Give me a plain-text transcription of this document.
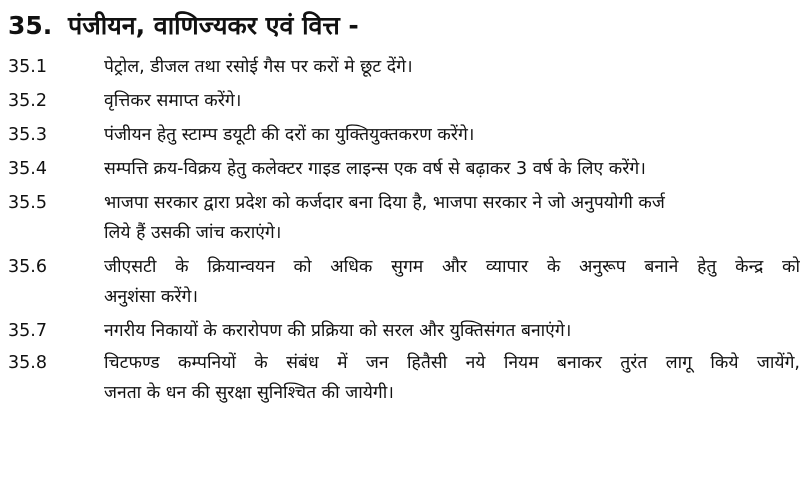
35. पंजीयन, वाणिज्यकर एवं वित्त -
35.1	पेट्रोल, डीजल तथा रसोई गैस पर करों मे छूट देंगे।
35.2	वृत्तिकर समाप्त करेंगे।
35.3	पंजीयन हेतु स्टाम्प डयूटी की दरों का युक्तियुक्तकरण करेंगे।
35.4	सम्पत्ति क्रय-विक्रय हेतु कलेक्टर गाइड लाइन्स एक वर्ष से बढ़ाकर 3 वर्ष के लिए करेंगे।
35.5	भाजपा सरकार द्वारा प्रदेश को कर्जदार बना दिया है, भाजपा सरकार ने जो अनुपयोगी कर्ज
लिये हैं उसकी जांच कराएंगे।
35.6	जीएसटी के क्रियान्वयन को अधिक सुगम और व्यापार के अनुरूप बनाने हेतु केन्द्र को
अनुशंसा करेंगे।
35.7	नगरीय निकायों के करारोपण की प्रक्रिया को सरल और युक्तिसंगत बनाएंगे।
35.8	चिटफण्ड कम्पनियों के संबंध में जन हितैसी नये नियम बनाकर तुरंत लागू किये जायेंगे,
जनता के धन की सुरक्षा सुनिश्चित की जायेगी।
